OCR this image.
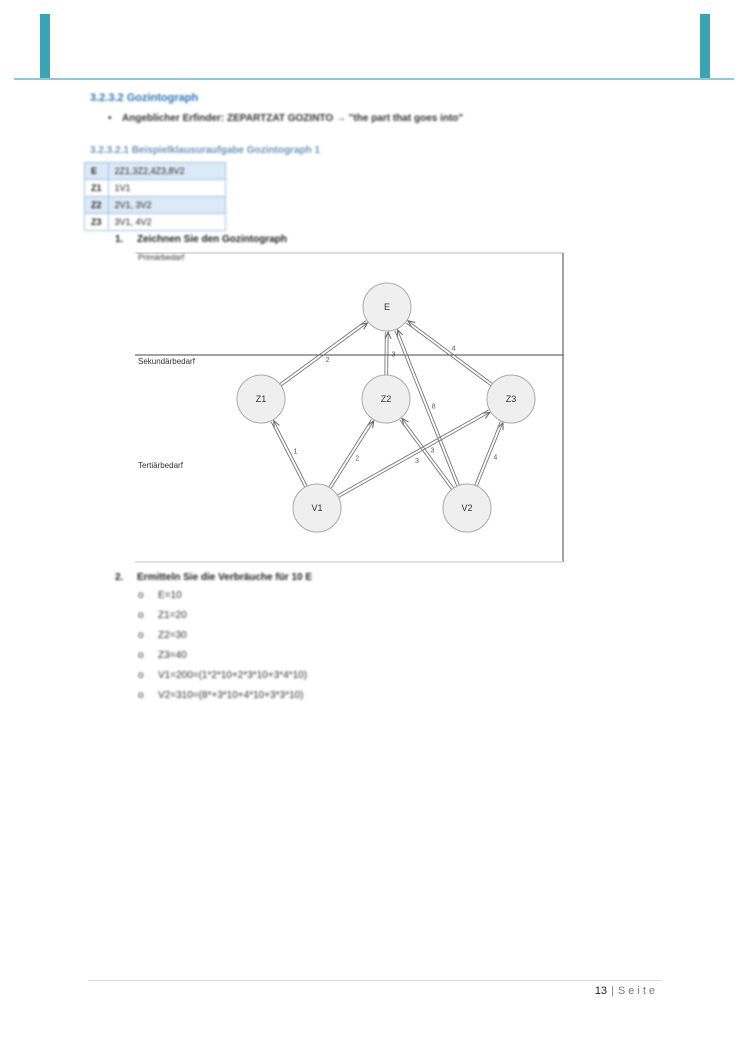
3.2.3.2 Gozintograph
• Angeblicher Erfinder: ZEPARTZAT GOZINTO → "the part that goes into"
3.2.3.2.1 Beispielklausuraufgabe Gozintograph 1
E	2Z1,3Z2,4Z3,8V2
Z1	1V1
Z2	2V1, 3V2
Z3	3V1, 4V2
1. Zeichnen Sie den Gozintograph
Primärbedarf
Sekundärbedarf
Tertiärbedarf
2
3
4
8
1
2	3
3
4
E
Z1	Z2	Z3
V1	V2
2. Ermitteln Sie die Verbräuche für 10 E
o E=10
o Z1=20
o Z2=30
o Z3=40
o V1=200=(1*2*10+2*3*10+3*4*10)
o V2=310=(8*+3*10+4*10+3*3*10)
13 | Seite
